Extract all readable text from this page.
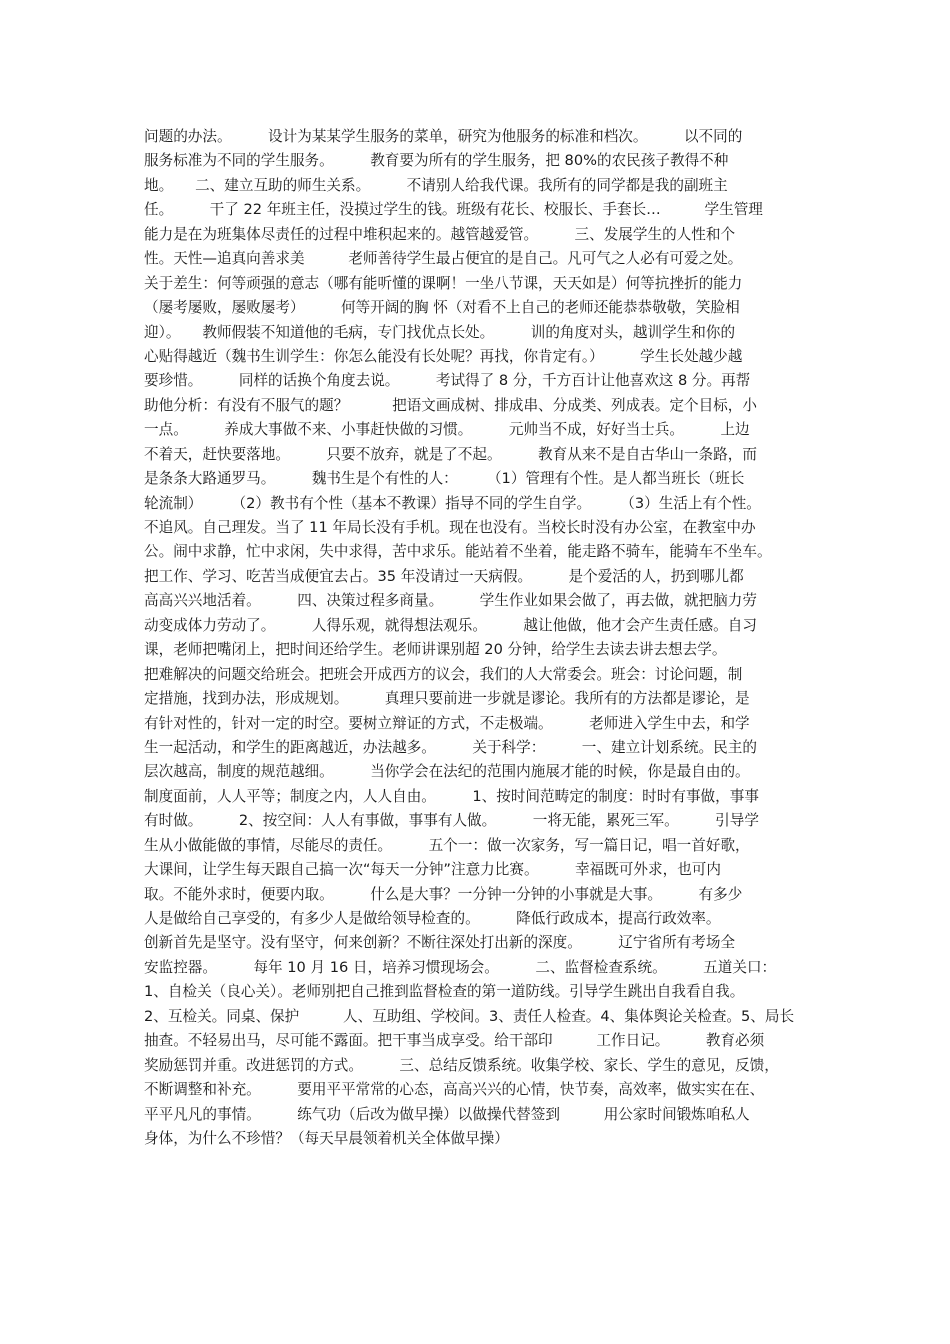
问题的办法。　　　设计为某某学生服务的菜单，研究为他服务的标准和档次。　　　以不同的
服务标准为不同的学生服务。　　　教育要为所有的学生服务，把 80%的农民孩子教得不种
地。　　二、建立互助的师生关系。　　　不请别人给我代课。我所有的同学都是我的副班主
任。　　　干了 22 年班主任，没摸过学生的钱。班级有花长、校服长、手套长…　　　学生管理
能力是在为班集体尽责任的过程中堆积起来的。越管越爱管。　　　三、发展学生的人性和个
性。天性—追真向善求美　　　老师善待学生最占便宜的是自己。凡可气之人必有可爱之处。
关于差生：何等顽强的意志（哪有能听懂的课啊！一坐八节课，天天如是）何等抗挫折的能力
（屡考屡败，屡败屡考）　　　何等开阔的胸 怀（对看不上自己的老师还能恭恭敬敬，笑脸相
迎）。　　教师假装不知道他的毛病，专门找优点长处。　　　训的角度对头，越训学生和你的
心贴得越近（魏书生训学生：你怎么能没有长处呢？再找，你肯定有。）　　　学生长处越少越
要珍惜。　　　同样的话换个角度去说。　　　考试得了 8 分，千方百计让他喜欢这 8 分。再帮
助他分析：有没有不服气的题？　　　把语文画成树、排成串、分成类、列成表。定个目标，小
一点。　　　养成大事做不来、小事赶快做的习惯。　　　元帅当不成，好好当士兵。　　　上边
不着天，赶快要落地。　　　只要不放弃，就是了不起。　　　教育从来不是自古华山一条路，而
是条条大路通罗马。　　　魏书生是个有性的人：　　　（1）管理有个性。是人都当班长（班长
轮流制）　　　（2）教书有个性（基本不教课）指导不同的学生自学。　　　（3）生活上有个性。
不追风。自己理发。当了 11 年局长没有手机。现在也没有。当校长时没有办公室，在教室中办
公。闹中求静，忙中求闲，失中求得，苦中求乐。能站着不坐着，能走路不骑车，能骑车不坐车。
把工作、学习、吃苦当成便宜去占。35 年没请过一天病假。　　　是个爱活的人，扔到哪儿都
高高兴兴地活着。　　　四、决策过程多商量。　　　学生作业如果会做了，再去做，就把脑力劳
动变成体力劳动了。　　　人得乐观，就得想法观乐。　　　越让他做，他才会产生责任感。自习
课，老师把嘴闭上，把时间还给学生。老师讲课别超 20 分钟，给学生去读去讲去想去学。
把难解决的问题交给班会。把班会开成西方的议会，我们的人大常委会。班会：讨论问题，制
定措施，找到办法，形成规划。　　　真理只要前进一步就是谬论。我所有的方法都是谬论，是
有针对性的，针对一定的时空。要树立辩证的方式，不走极端。　　　老师进入学生中去，和学
生一起活动，和学生的距离越近，办法越多。　　　关于科学：　　　一、建立计划系统。民主的
层次越高，制度的规范越细。　　　当你学会在法纪的范围内施展才能的时候，你是最自由的。
制度面前，人人平等；制度之内，人人自由。　　　1、按时间范畴定的制度：时时有事做，事事
有时做。　　　2、按空间：人人有事做，事事有人做。　　　一将无能，累死三军。　　　引导学
生从小做能做的事情，尽能尽的责任。　　　五个一：做一次家务，写一篇日记，唱一首好歌，
大课间，让学生每天跟自己搞一次“每天一分钟”注意力比赛。　　　幸福既可外求，也可内
取。不能外求时，便要内取。　　　什么是大事？一分钟一分钟的小事就是大事。　　　有多少
人是做给自己享受的，有多少人是做给领导检查的。　　　降低行政成本，提高行政效率。
创新首先是坚守。没有坚守，何来创新？不断往深处打出新的深度。　　　辽宁省所有考场全
安监控器。　　　每年 10 月 16 日，培养习惯现场会。　　　二、监督检查系统。　　　五道关口：
1、自检关（良心关）。老师别把自己推到监督检查的第一道防线。引导学生跳出自我看自我。
2、互检关。同桌、保护　　　人、互助组、学校间。3、责任人检查。4、集体舆论关检查。5、局长
抽查。不轻易出马，尽可能不露面。把干事当成享受。给干部印　　　工作日记。　　　教育必须
奖励惩罚并重。改进惩罚的方式。　　　三、总结反馈系统。收集学校、家长、学生的意见，反馈，
不断调整和补充。　　　要用平平常常的心态，高高兴兴的心情，快节奏，高效率，做实实在在、
平平凡凡的事情。　　　练气功（后改为做早操）以做操代替签到　　　用公家时间锻炼咱私人
身体，为什么不珍惜？（每天早晨领着机关全体做早操）
